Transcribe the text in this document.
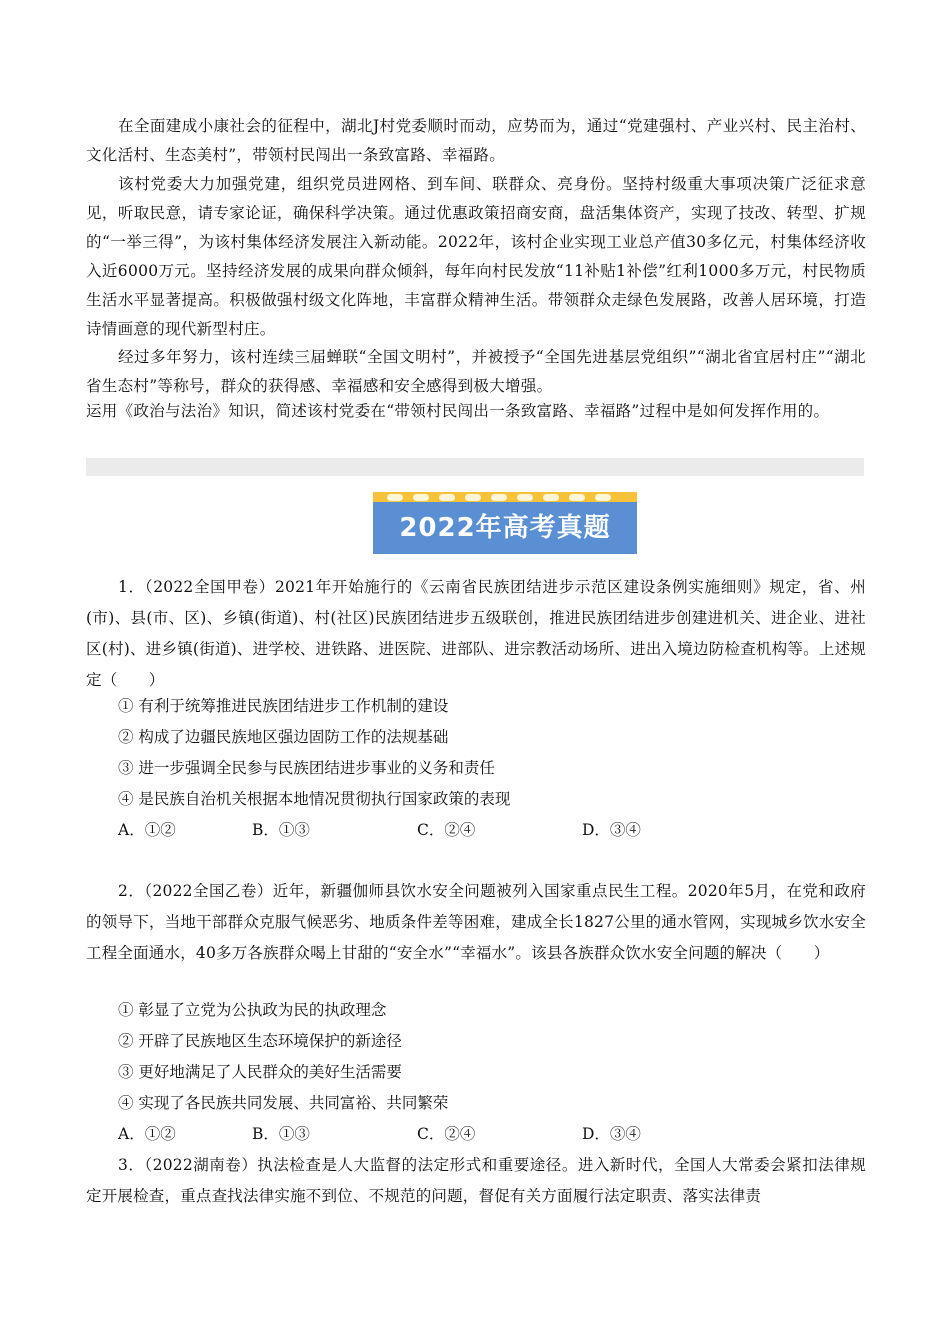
在全面建成小康社会的征程中，湖北J村党委顺时而动，应势而为，通过“党建强村、产业兴村、民主治村、文化活村、生态美村”，带领村民闯出一条致富路、幸福路。
该村党委大力加强党建，组织党员进网格、到车间、联群众、亮身份。坚持村级重大事项决策广泛征求意见，听取民意，请专家论证，确保科学决策。通过优惠政策招商安商，盘活集体资产，实现了技改、转型、扩规的“一举三得”，为该村集体经济发展注入新动能。2022年，该村企业实现工业总产值30多亿元，村集体经济收入近6000万元。坚持经济发展的成果向群众倾斜，每年向村民发放“11补贴1补偿”红利1000多万元，村民物质生活水平显著提高。积极做强村级文化阵地，丰富群众精神生活。带领群众走绿色发展路，改善人居环境，打造诗情画意的现代新型村庄。
经过多年努力，该村连续三届蝉联“全国文明村”，并被授予“全国先进基层党组织”“湖北省宜居村庄”“湖北省生态村”等称号，群众的获得感、幸福感和安全感得到极大增强。
运用《政治与法治》知识，简述该村党委在“带领村民闯出一条致富路、幸福路”过程中是如何发挥作用的。
2022年高考真题
1．（2022全国甲卷）2021年开始施行的《云南省民族团结进步示范区建设条例实施细则》规定，省、州(市)、县(市、区)、乡镇(街道)、村(社区)民族团结进步五级联创，推进民族团结进步创建进机关、进企业、进社区(村)、进乡镇(街道)、进学校、进铁路、进医院、进部队、进宗教活动场所、进出入境边防检查机构等。上述规定（　　）
① 有利于统筹推进民族团结进步工作机制的建设
② 构成了边疆民族地区强边固防工作的法规基础
③ 进一步强调全民参与民族团结进步事业的义务和责任
④ 是民族自治机关根据本地情况贯彻执行国家政策的表现
A．①②	B．①③	C．②④	D．③④
2．（2022全国乙卷）近年，新疆伽师县饮水安全问题被列入国家重点民生工程。2020年5月，在党和政府的领导下，当地干部群众克服气候恶劣、地质条件差等困难，建成全长1827公里的通水管网，实现城乡饮水安全工程全面通水，40多万各族群众喝上甘甜的“安全水”“幸福水”。该县各族群众饮水安全问题的解决（　　）
① 彰显了立党为公执政为民的执政理念
② 开辟了民族地区生态环境保护的新途径
③ 更好地满足了人民群众的美好生活需要
④ 实现了各民族共同发展、共同富裕、共同繁荣
A．①②	B．①③	C．②④	D．③④
3．（2022湖南卷）执法检查是人大监督的法定形式和重要途径。进入新时代，全国人大常委会紧扣法律规定开展检查，重点查找法律实施不到位、不规范的问题，督促有关方面履行法定职责、落实法律责
